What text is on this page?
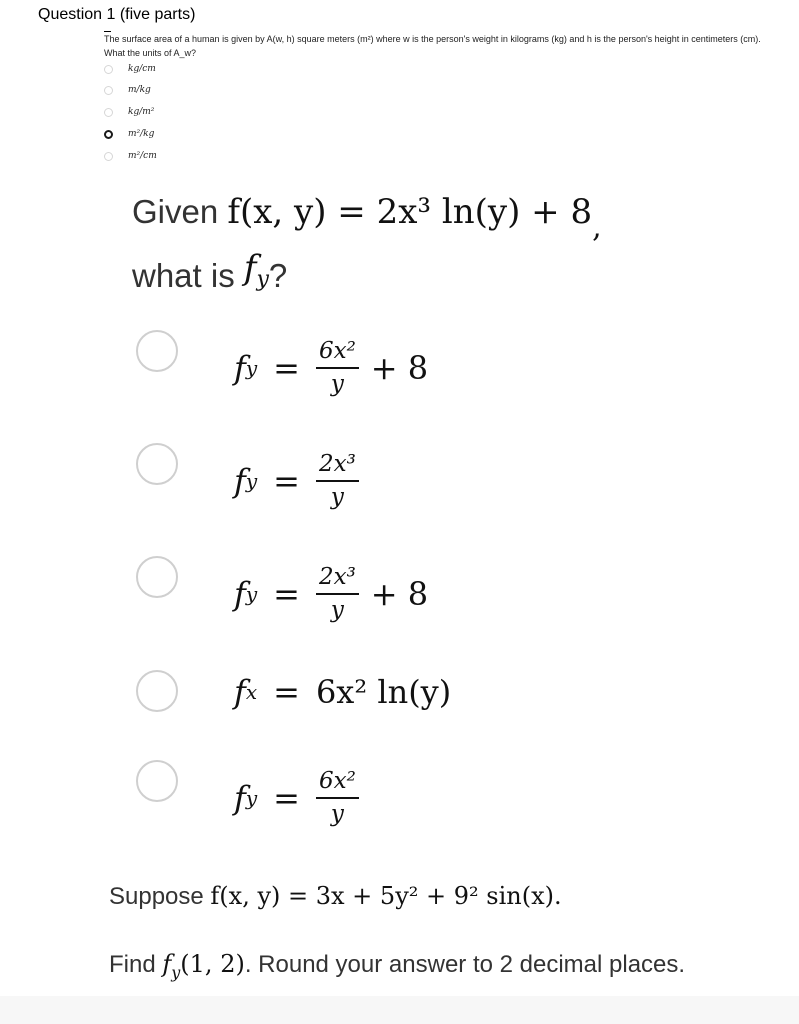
Question 1 (five parts)
The surface area of a human is given by A(w, h) square meters (m²) where w is the person's weight in kilograms (kg) and h is the person's height in centimeters (cm). What the units of A_w?
kg/cm
m/kg
kg/m²
m²/kg
m²/cm
Given f(x, y) = 2x³ ln(y) + 8,
what is fy?
f $y = \frac{\text{6x²}}{y} + 8$
f $y = \frac{\text{2x³}}{y}$
f $y = \frac{\text{2x³}}{y} + 8$
f x = 6x² ln(y)
f $y = \frac{\text{6x²}}{y}$
Suppose f(x, y) = 3x + 5y² + 9² sin(x).
Find $f_y(1$, 2). Round your answer to 2 decimal places.
